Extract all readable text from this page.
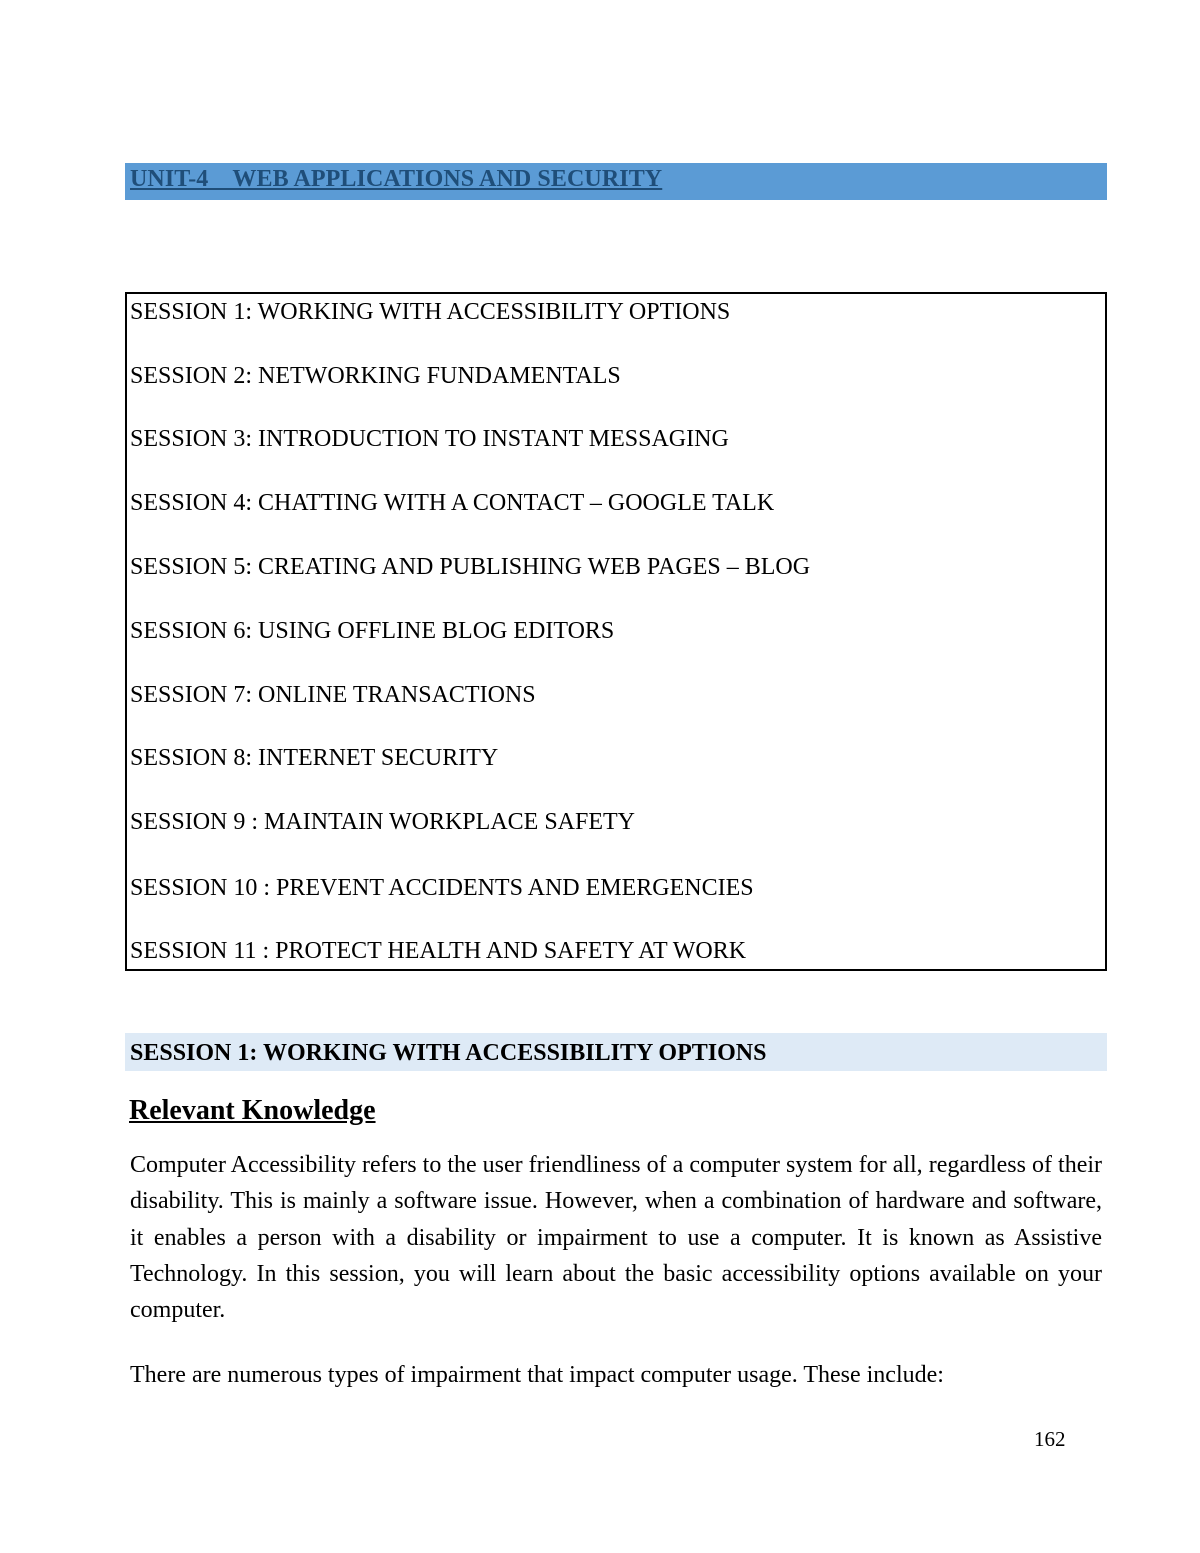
UNIT-4    WEB APPLICATIONS AND SECURITY
SESSION 1: WORKING WITH ACCESSIBILITY OPTIONS
SESSION 2: NETWORKING FUNDAMENTALS
SESSION 3: INTRODUCTION TO INSTANT MESSAGING
SESSION 4: CHATTING WITH A CONTACT – GOOGLE TALK
SESSION 5: CREATING AND PUBLISHING WEB PAGES – BLOG
SESSION 6: USING OFFLINE BLOG EDITORS
SESSION 7: ONLINE TRANSACTIONS
SESSION 8: INTERNET SECURITY
SESSION 9 : MAINTAIN WORKPLACE SAFETY
SESSION 10 : PREVENT ACCIDENTS AND EMERGENCIES
SESSION 11 : PROTECT HEALTH AND SAFETY AT WORK
SESSION 1: WORKING WITH ACCESSIBILITY OPTIONS
Relevant Knowledge

Computer Accessibility refers to the user friendliness of a computer system for all, regardless of their disability. This is mainly a software issue. However, when a combination of hardware and software, it enables a person with a disability or impairment to use a computer. It is known as Assistive Technology. In this session, you will learn about the basic accessibility options available on your computer.

There are numerous types of impairment that impact computer usage. These include:

162
